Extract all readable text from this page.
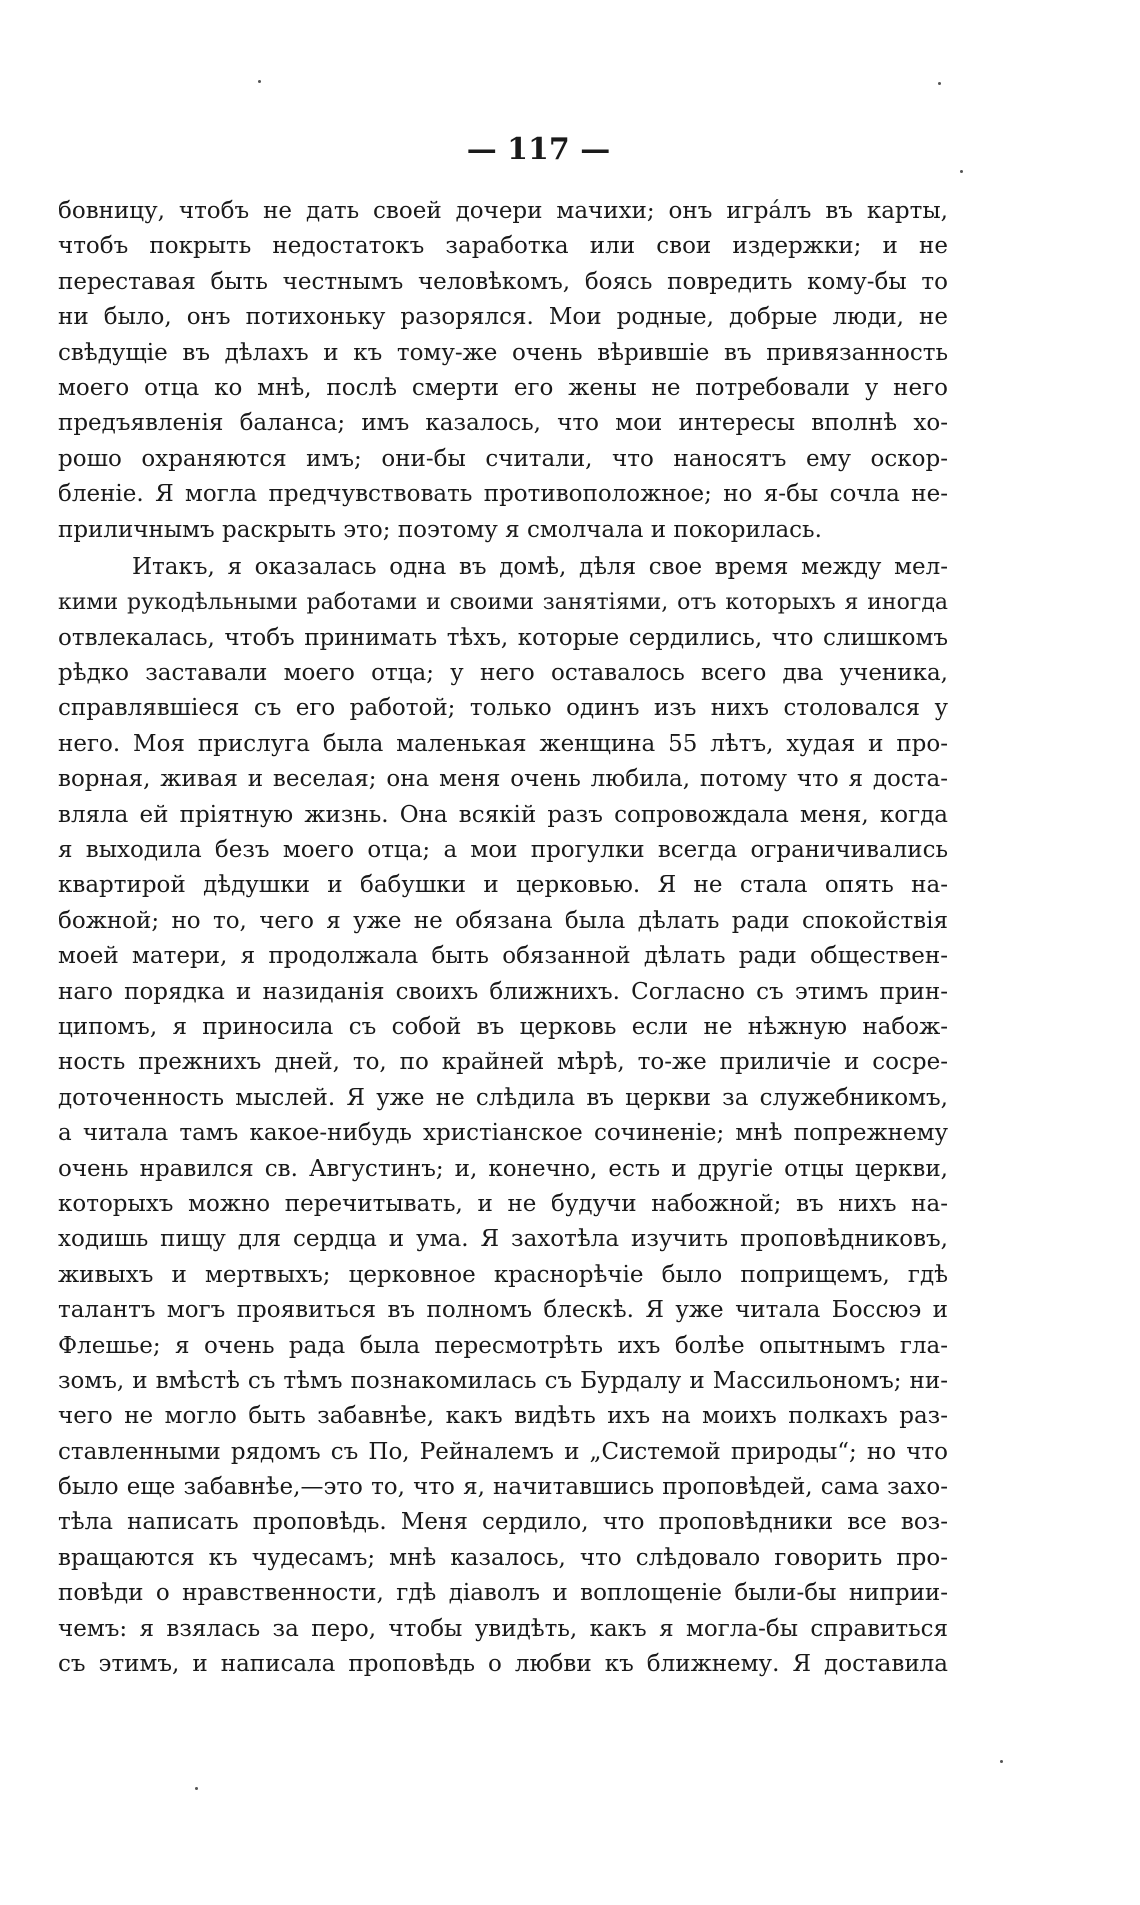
— 117 —
бовницу, чтобъ не дать своей дочери мачихи; онъ игра́лъ въ карты,
чтобъ покрыть недостатокъ заработка или свои издержки; и не
переставая быть честнымъ человѣкомъ, боясь повредить кому-бы то
ни было, онъ потихоньку разорялся. Мои родные, добрые люди, не
свѣдущіе въ дѣлахъ и къ тому-же очень вѣрившіе въ привязанность
моего отца ко мнѣ, послѣ смерти его жены не потребовали у него
предъявленія баланса; имъ казалось, что мои интересы вполнѣ хо-
рошо охраняются имъ; они-бы считали, что наносятъ ему оскор-
бленіе. Я могла предчувствовать противоположное; но я-бы сочла не-
приличнымъ раскрыть это; поэтому я смолчала и покорилась.
Итакъ, я оказалась одна въ домѣ, дѣля свое время между мел-
кими рукодѣльными работами и своими занятіями, отъ которыхъ я иногда
отвлекалась, чтобъ принимать тѣхъ, которые сердились, что слишкомъ
рѣдко заставали моего отца; у него оставалось всего два ученика,
справлявшіеся съ его работой; только одинъ изъ нихъ столовался у
него. Моя прислуга была маленькая женщина 55 лѣтъ, худая и про-
ворная, живая и веселая; она меня очень любила, потому что я доста-
вляла ей пріятную жизнь. Она всякій разъ сопровождала меня, когда
я выходила безъ моего отца; а мои прогулки всегда ограничивались
квартирой дѣдушки и бабушки и церковью. Я не стала опять на-
божной; но то, чего я уже не обязана была дѣлать ради спокойствія
моей матери, я продолжала быть обязанной дѣлать ради обществен-
наго порядка и назиданія своихъ ближнихъ. Согласно съ этимъ прин-
ципомъ, я приносила съ собой въ церковь если не нѣжную набож-
ность прежнихъ дней, то, по крайней мѣрѣ, то-же приличіе и сосре-
доточенность мыслей. Я уже не слѣдила въ церкви за служебникомъ,
а читала тамъ какое-нибудь христіанское сочиненіе; мнѣ попрежнему
очень нравился св. Августинъ; и, конечно, есть и другіе отцы церкви,
которыхъ можно перечитывать, и не будучи набожной; въ нихъ на-
ходишь пищу для сердца и ума. Я захотѣла изучить проповѣдниковъ,
живыхъ и мертвыхъ; церковное краснорѣчіе было поприщемъ, гдѣ
талантъ могъ проявиться въ полномъ блескѣ. Я уже читала Боссюэ и
Флешье; я очень рада была пересмотрѣть ихъ болѣе опытнымъ гла-
зомъ, и вмѣстѣ съ тѣмъ познакомилась съ Бурдалу и Массильономъ; ни-
чего не могло быть забавнѣе, какъ видѣть ихъ на моихъ полкахъ раз-
ставленными рядомъ съ По, Рейналемъ и „Системой природы“; но что
было еще забавнѣе,—это то, что я, начитавшись проповѣдей, сама захо-
тѣла написать проповѣдь. Меня сердило, что проповѣдники все воз-
вращаются къ чудесамъ; мнѣ казалось, что слѣдовало говорить про-
повѣди о нравственности, гдѣ діаволъ и воплощеніе были-бы ниприи-
чемъ: я взялась за перо, чтобы увидѣть, какъ я могла-бы справиться
съ этимъ, и написала проповѣдь о любви къ ближнему. Я доставила
